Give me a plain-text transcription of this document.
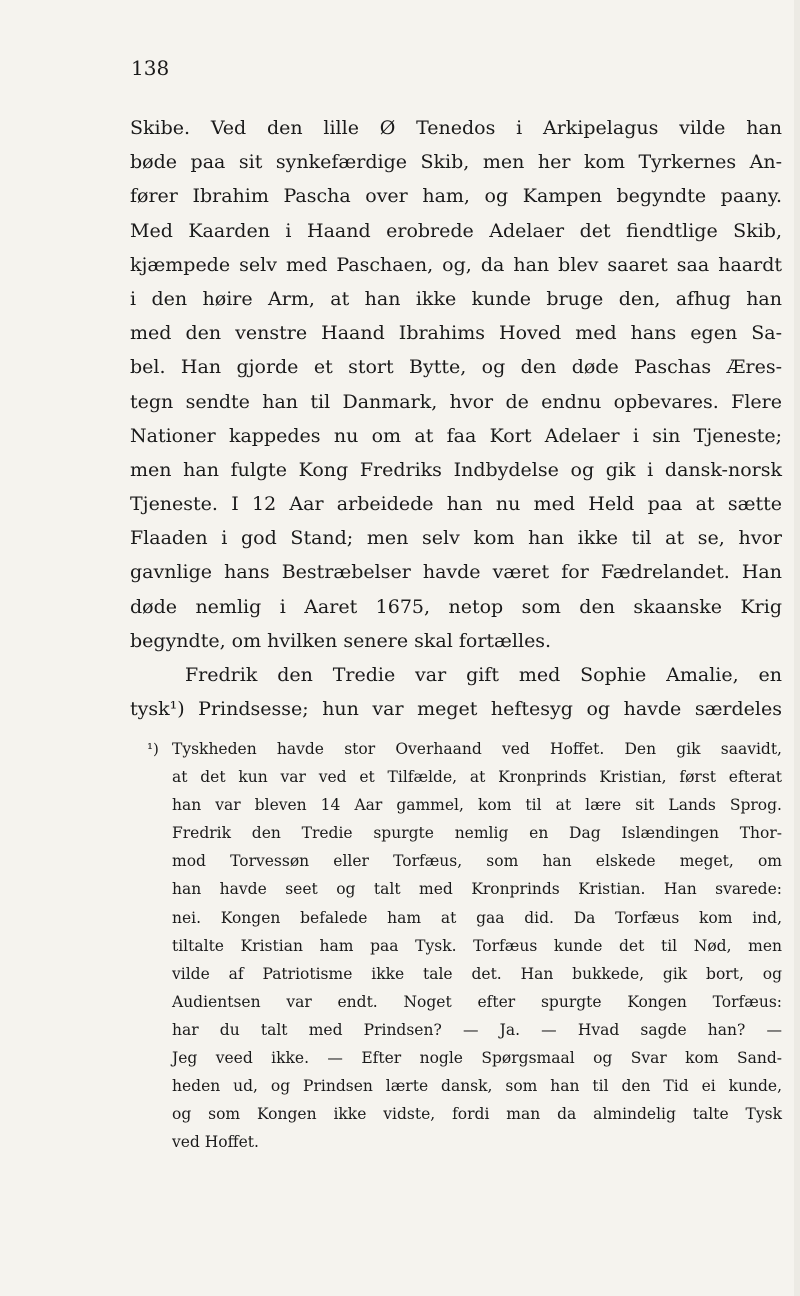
138
Skibe. Ved den lille Ø Tenedos i Arkipelagus vilde han
bøde paa sit synkefærdige Skib, men her kom Tyrkernes An-
fører Ibrahim Pascha over ham, og Kampen begyndte paany.
Med Kaarden i Haand erobrede Adelaer det fiendtlige Skib,
kjæmpede selv med Paschaen, og, da han blev saaret saa haardt
i den høire Arm, at han ikke kunde bruge den, afhug han
med den venstre Haand Ibrahims Hoved med hans egen Sa-
bel. Han gjorde et stort Bytte, og den døde Paschas Æres-
tegn sendte han til Danmark, hvor de endnu opbevares. Flere
Nationer kappedes nu om at faa Kort Adelaer i sin Tjeneste;
men han fulgte Kong Fredriks Indbydelse og gik i dansk-norsk
Tjeneste. I 12 Aar arbeidede han nu med Held paa at sætte
Flaaden i god Stand; men selv kom han ikke til at se, hvor
gavnlige hans Bestræbelser havde været for Fædrelandet. Han
døde nemlig i Aaret 1675, netop som den skaanske Krig
begyndte, om hvilken senere skal fortælles.
Fredrik den Tredie var gift med Sophie Amalie, en
tysk¹) Prindsesse; hun var meget heftesyg og havde særdeles
¹) Tyskheden havde stor Overhaand ved Hoffet. Den gik saavidt,
at det kun var ved et Tilfælde, at Kronprinds Kristian, først efterat
han var bleven 14 Aar gammel, kom til at lære sit Lands Sprog.
Fredrik den Tredie spurgte nemlig en Dag Islændingen Thor-
mod Torvessøn eller Torfæus, som han elskede meget, om
han havde seet og talt med Kronprinds Kristian. Han svarede:
nei. Kongen befalede ham at gaa did. Da Torfæus kom ind,
tiltalte Kristian ham paa Tysk. Torfæus kunde det til Nød, men
vilde af Patriotisme ikke tale det. Han bukkede, gik bort, og
Audientsen var endt. Noget efter spurgte Kongen Torfæus:
har du talt med Prindsen? — Ja. — Hvad sagde han? —
Jeg veed ikke. — Efter nogle Spørgsmaal og Svar kom Sand-
heden ud, og Prindsen lærte dansk, som han til den Tid ei kunde,
og som Kongen ikke vidste, fordi man da almindelig talte Tysk
ved Hoffet.
